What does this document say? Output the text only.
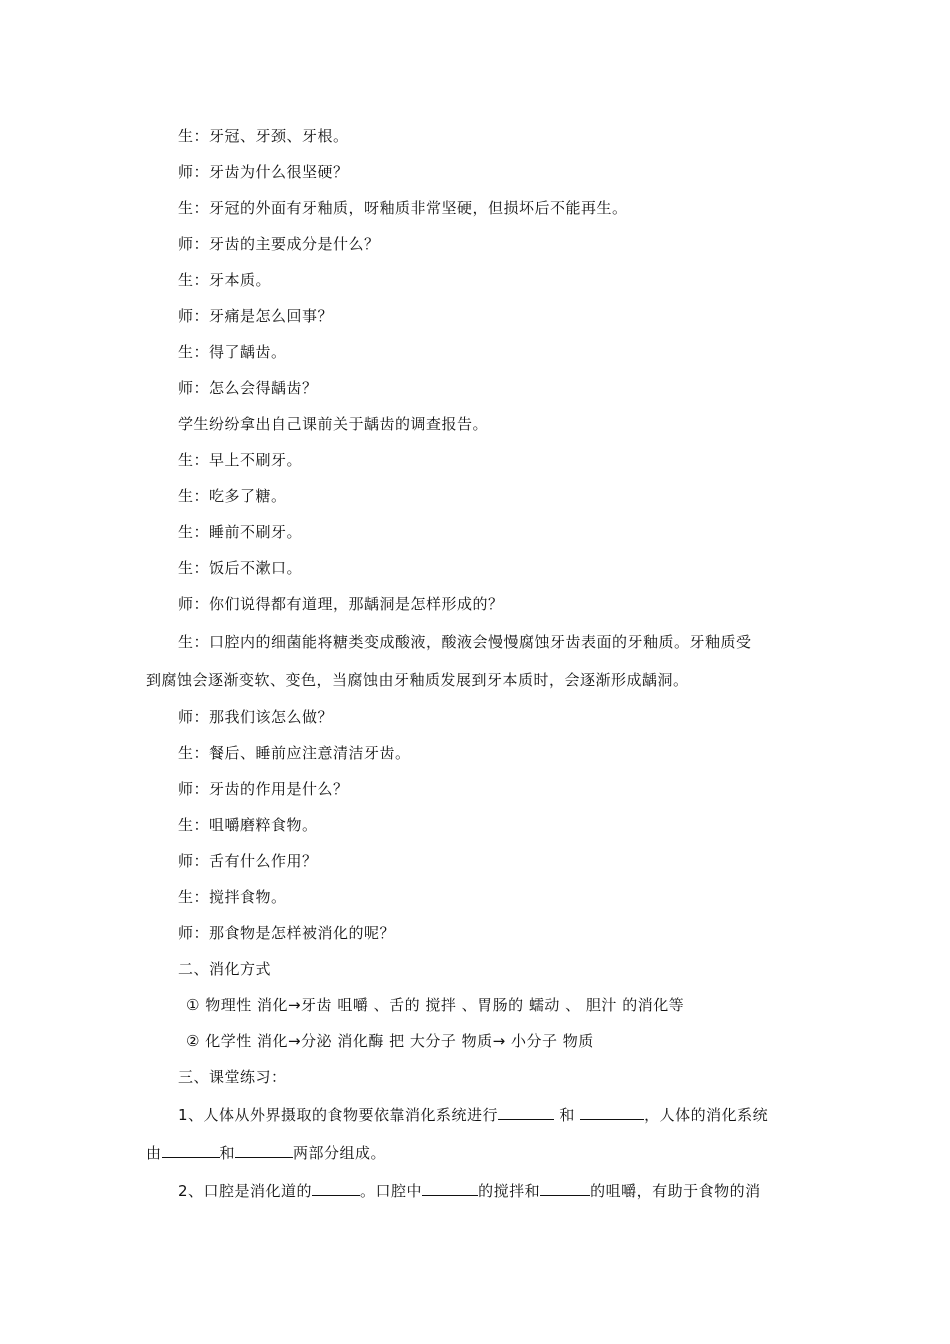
生：牙冠、牙颈、牙根。
师：牙齿为什么很坚硬？
生：牙冠的外面有牙釉质，呀釉质非常坚硬，但损坏后不能再生。
师：牙齿的主要成分是什么？
生：牙本质。
师：牙痛是怎么回事？
生：得了龋齿。
师：怎么会得龋齿？
学生纷纷拿出自己课前关于龋齿的调查报告。
生：早上不刷牙。
生：吃多了糖。
生：睡前不刷牙。
生：饭后不漱口。
师：你们说得都有道理，那龋洞是怎样形成的？
生：口腔内的细菌能将糖类变成酸液，酸液会慢慢腐蚀牙齿表面的牙釉质。牙釉质受
到腐蚀会逐渐变软、变色，当腐蚀由牙釉质发展到牙本质时，会逐渐形成龋洞。
师：那我们该怎么做？
生：餐后、睡前应注意清洁牙齿。
师：牙齿的作用是什么？
生：咀嚼磨粹食物。
师：舌有什么作用？
生：搅拌食物。
师：那食物是怎样被消化的呢？
二、消化方式
① 物理性 消化→牙齿 咀嚼 、舌的 搅拌 、胃肠的 蠕动 、 胆汁 的消化等
② 化学性 消化→分泌 消化酶 把 大分子 物质→ 小分子 物质
三、课堂练习：
1、人体从外界摄取的食物要依靠消化系统进行	和	，人体的消化系统
由	和	两部分组成。
2、口腔是消化道的	。口腔中	的搅拌和	的咀嚼，有助于食物的消
